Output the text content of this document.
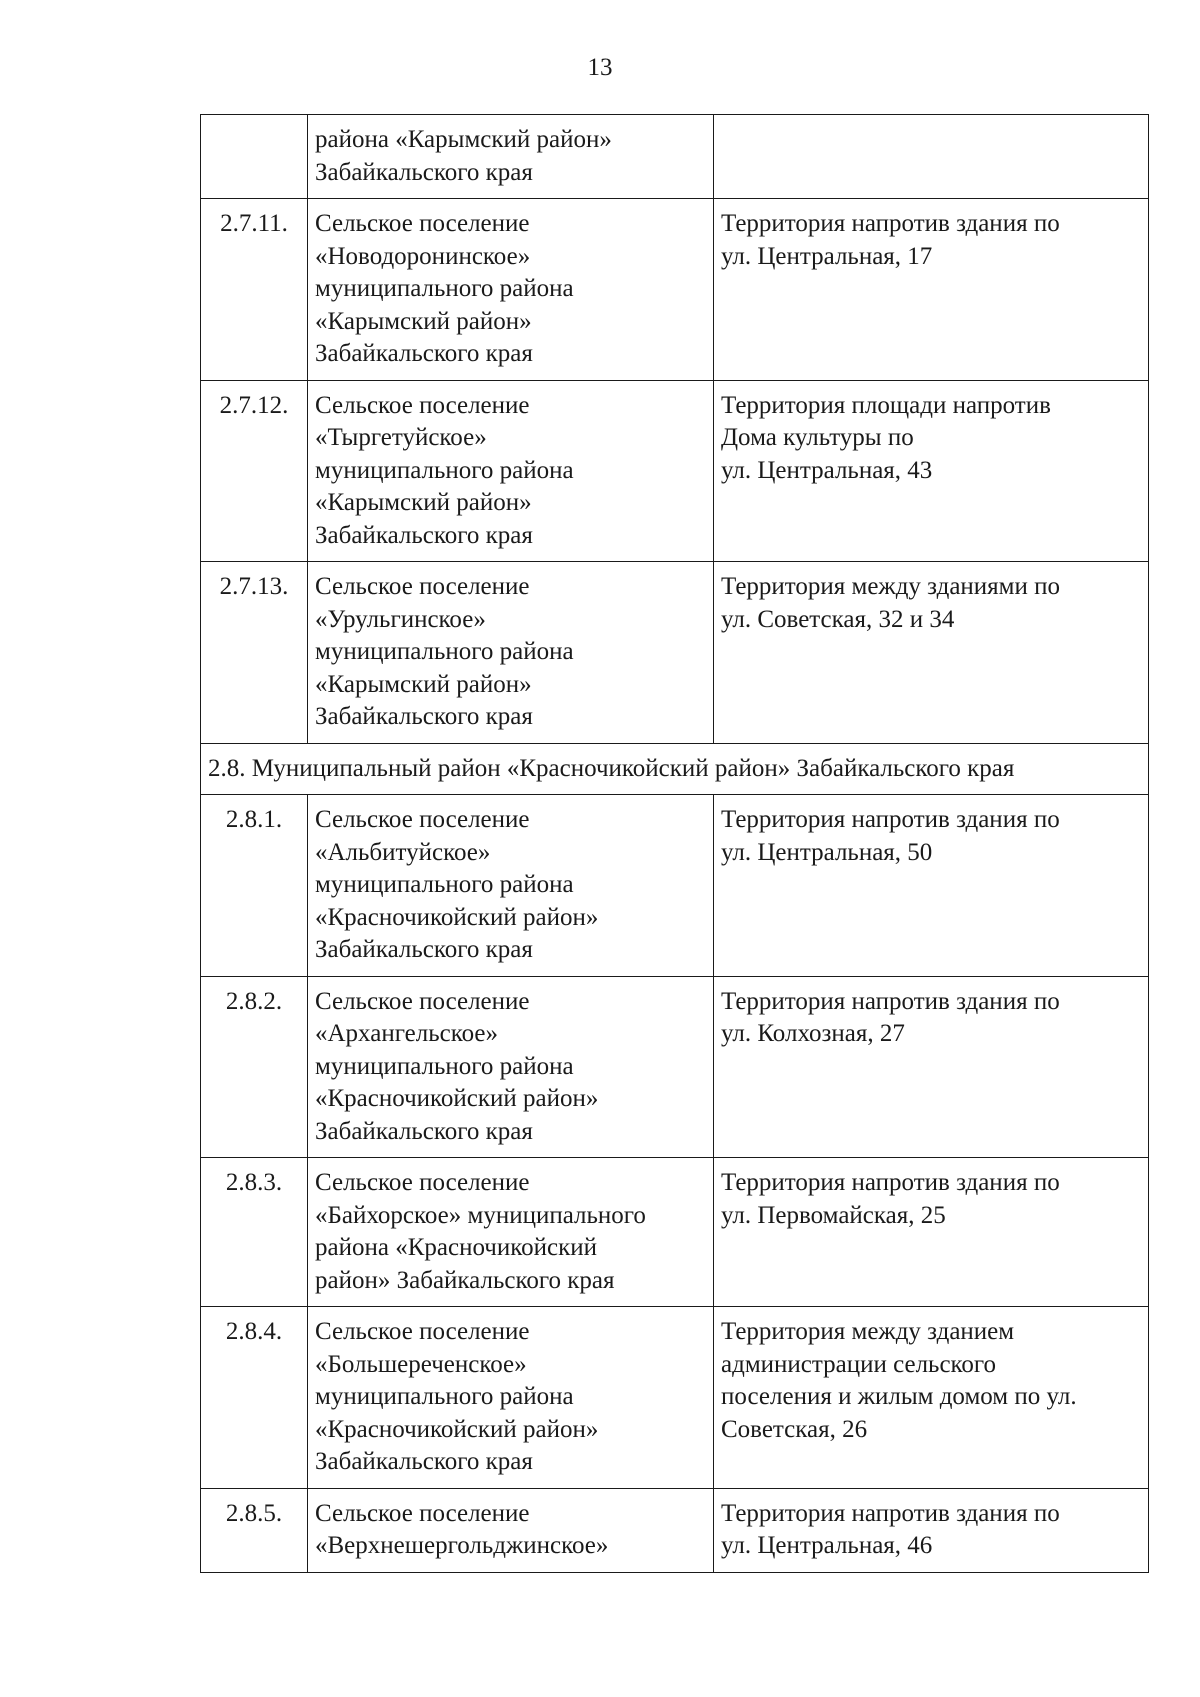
13
	района «Карымский район»
Забайкальского края	
2.7.11.	Сельское поселение
«Новодоронинское»
муниципального района
«Карымский район»
Забайкальского края	Территория напротив здания по
ул. Центральная, 17
2.7.12.	Сельское поселение
«Тыргетуйское»
муниципального района
«Карымский район»
Забайкальского края	Территория площади напротив
Дома культуры по
ул. Центральная, 43
2.7.13.	Сельское поселение
«Урульгинское»
муниципального района
«Карымский район»
Забайкальского края	Территория между зданиями по
ул. Советская, 32 и 34
2.8. Муниципальный район «Красночикойский район» Забайкальского края		
2.8.1.	Сельское поселение
«Альбитуйское»
муниципального района
«Красночикойский район»
Забайкальского края	Территория напротив здания по
ул. Центральная, 50
2.8.2.	Сельское поселение
«Архангельское»
муниципального района
«Красночикойский район»
Забайкальского края	Территория напротив здания по
ул. Колхозная, 27
2.8.3.	Сельское поселение
«Байхорское» муниципального
района «Красночикойский
район» Забайкальского края	Территория напротив здания по
ул. Первомайская, 25
2.8.4.	Сельское поселение
«Большереченское»
муниципального района
«Красночикойский район»
Забайкальского края	Территория между зданием
администрации сельского
поселения и жилым домом по ул.
Советская, 26
2.8.5.	Сельское поселение
«Верхнешергольджинское»	Территория напротив здания по
ул. Центральная, 46
